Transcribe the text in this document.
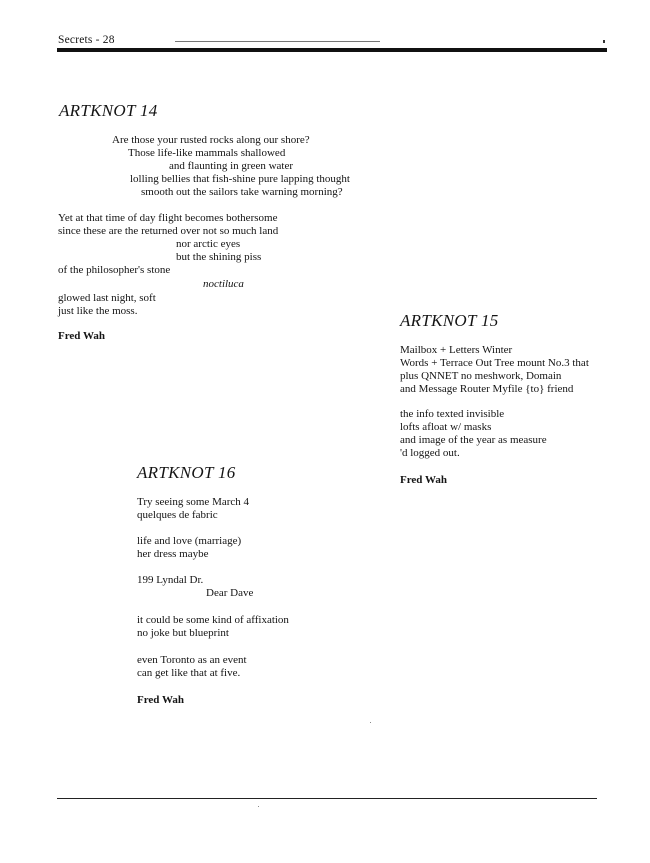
Secrets - 28
ARTKNOT 14
Are those your rusted rocks along our shore?
Those life-like mammals shallowed
and flaunting in green water
lolling bellies that fish-shine pure lapping thought
smooth out the sailors take warning morning?
Yet at that time of day flight becomes bothersome
since these are the returned over not so much land
nor arctic eyes
but the shining piss
of the philosopher's stone
noctiluca
glowed last night, soft
just like the moss.
Fred Wah
ARTKNOT 15
Mailbox + Letters Winter
Words + Terrace Out Tree mount No.3 that
plus QNNET no meshwork, Domain
and Message Router Myfile {to} friend
the info texted invisible
lofts afloat w/ masks
and image of the year as measure
'd logged out.
Fred Wah
ARTKNOT 16
Try seeing some March 4
quelques de fabric
life and love (marriage)
her dress maybe
199 Lyndal Dr.
Dear Dave
it could be some kind of affixation
no joke but blueprint
even Toronto as an event
can get like that at five.
Fred Wah
